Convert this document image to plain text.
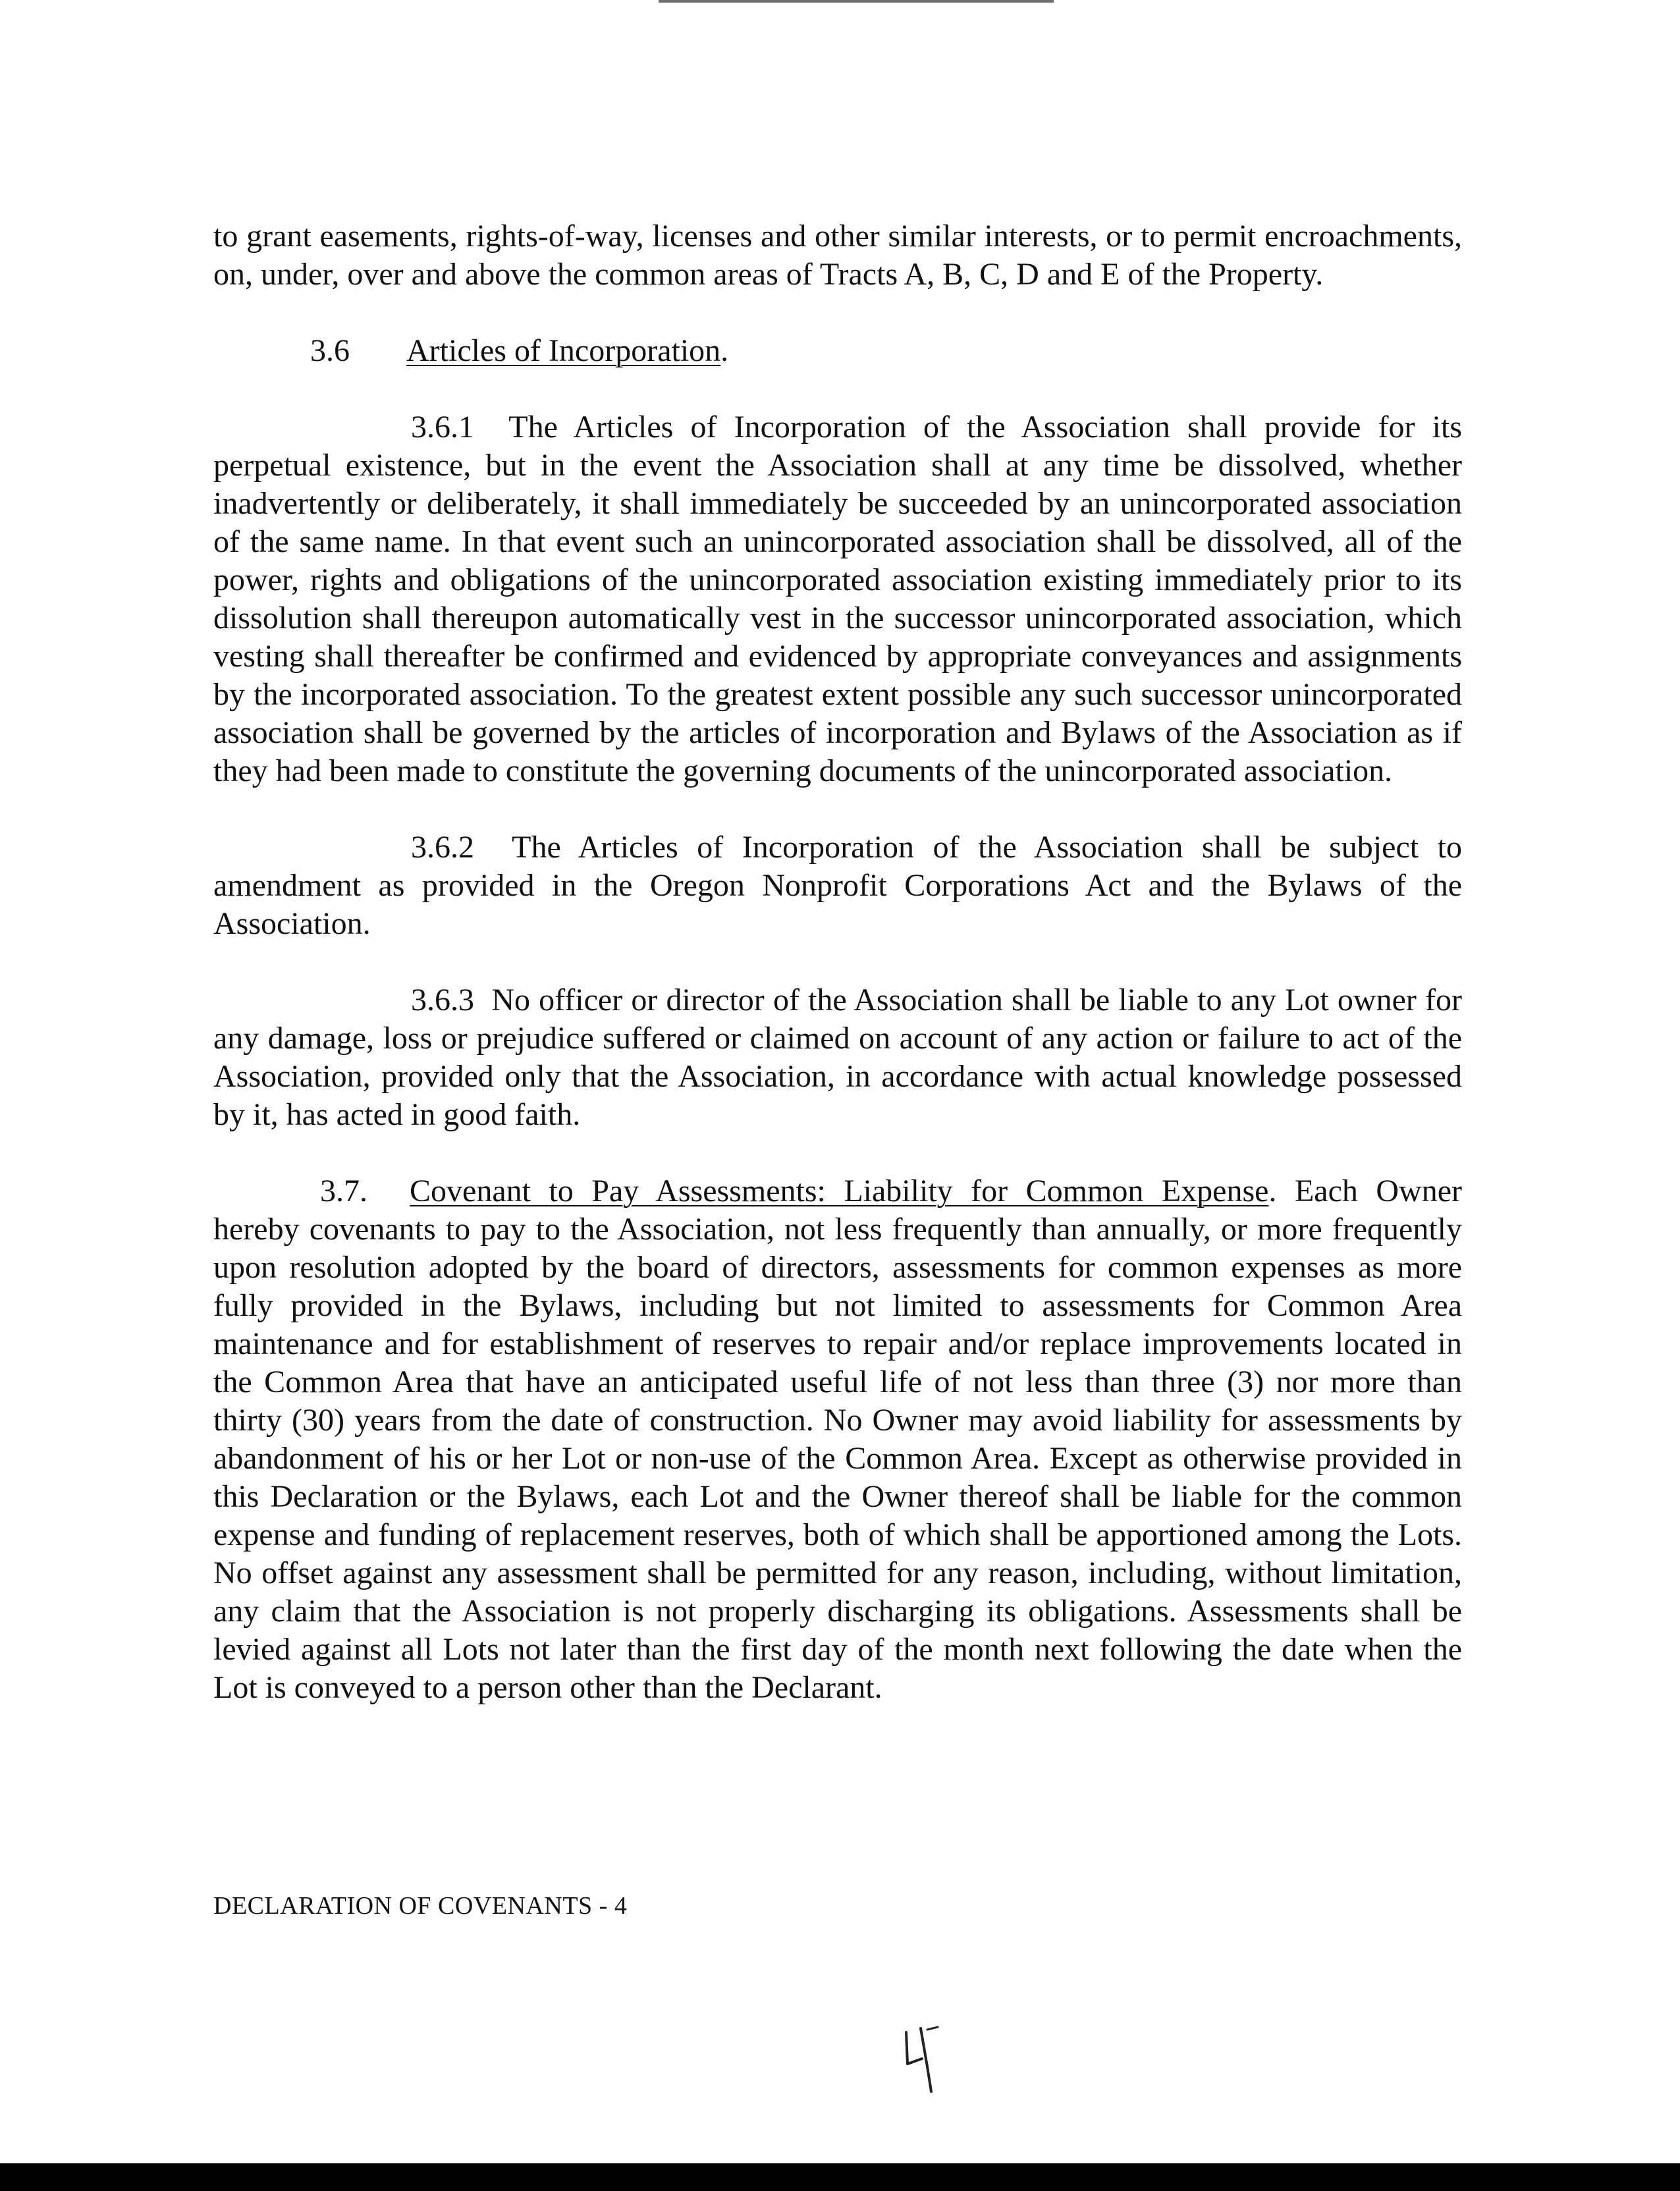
to grant easements, rights-of-way, licenses and other similar interests, or to permit encroachments, on, under, over and above the common areas of Tracts A, B, C, D and E of the Property.

3.6 Articles of Incorporation.

3.6.1 The Articles of Incorporation of the Association shall provide for its perpetual existence, but in the event the Association shall at any time be dissolved, whether inadvertently or deliberately, it shall immediately be succeeded by an unincorporated association of the same name. In that event such an unincorporated association shall be dissolved, all of the power, rights and obligations of the unincorporated association existing immediately prior to its dissolution shall thereupon automatically vest in the successor unincorporated association, which vesting shall thereafter be confirmed and evidenced by appropriate conveyances and assignments by the incorporated association. To the greatest extent possible any such successor unincorporated association shall be governed by the articles of incorporation and Bylaws of the Association as if they had been made to constitute the governing documents of the unincorporated association.

3.6.2 The Articles of Incorporation of the Association shall be subject to amendment as provided in the Oregon Nonprofit Corporations Act and the Bylaws of the Association.

3.6.3 No officer or director of the Association shall be liable to any Lot owner for any damage, loss or prejudice suffered or claimed on account of any action or failure to act of the Association, provided only that the Association, in accordance with actual knowledge possessed by it, has acted in good faith.

3.7. Covenant to Pay Assessments: Liability for Common Expense. Each Owner hereby covenants to pay to the Association, not less frequently than annually, or more frequently upon resolution adopted by the board of directors, assessments for common expenses as more fully provided in the Bylaws, including but not limited to assessments for Common Area maintenance and for establishment of reserves to repair and/or replace improvements located in the Common Area that have an anticipated useful life of not less than three (3) nor more than thirty (30) years from the date of construction. No Owner may avoid liability for assessments by abandonment of his or her Lot or non-use of the Common Area. Except as otherwise provided in this Declaration or the Bylaws, each Lot and the Owner thereof shall be liable for the common expense and funding of replacement reserves, both of which shall be apportioned among the Lots. No offset against any assessment shall be permitted for any reason, including, without limitation, any claim that the Association is not properly discharging its obligations. Assessments shall be levied against all Lots not later than the first day of the month next following the date when the Lot is conveyed to a person other than the Declarant.

DECLARATION OF COVENANTS - 4
